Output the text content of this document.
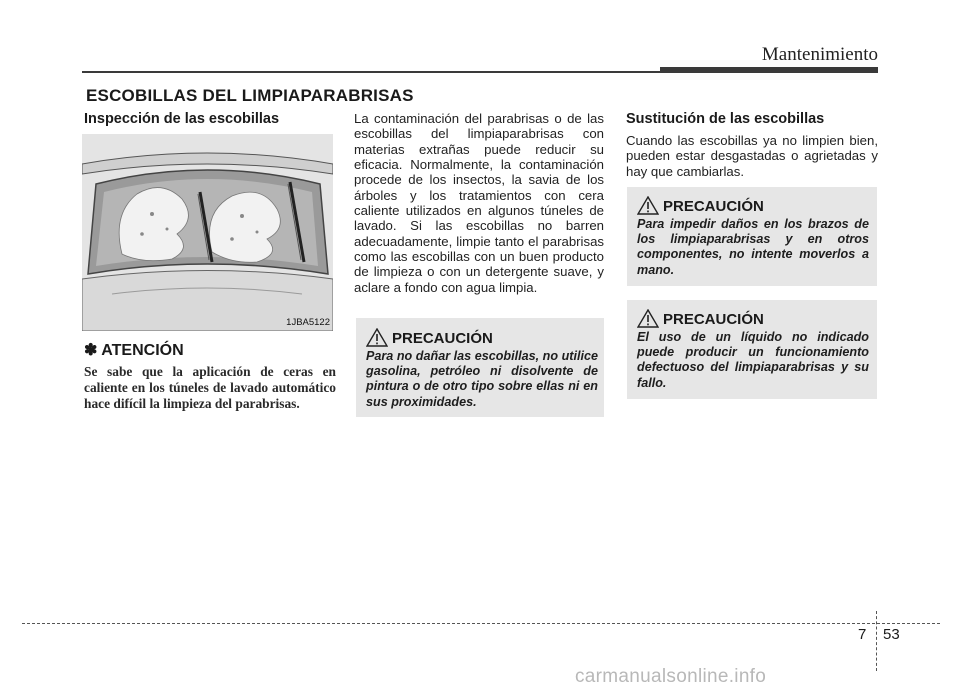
Mantenimiento
ESCOBILLAS DEL LIMPIAPARABRISAS
Inspección de las escobillas
1JBA5122
✽ ATENCIÓN
Se sabe que la aplicación de ceras en caliente en los túneles de lavado automático hace difícil la limpieza del parabrisas.
La contaminación del parabrisas o de las escobillas del limpiaparabrisas con materias extrañas puede reducir su eficacia. Normalmente, la contaminación procede de los insectos, la savia de los árboles y los tratamientos con cera caliente utilizados en algunos túneles de lavado. Si las escobillas no barren adecuadamente, limpie tanto el parabrisas como las escobillas con un buen producto de limpieza o con un detergente suave, y aclare a fondo con agua limpia.
PRECAUCIÓN
Para no dañar las escobillas, no utilice gasolina, petróleo ni disolvente de pintura o de otro tipo sobre ellas ni en sus proximidades.
Sustitución de las escobillas
Cuando las escobillas ya no limpien bien, pueden estar desgastadas o agrietadas y hay que cambiarlas.
PRECAUCIÓN
Para impedir daños en los brazos de los limpiaparabrisas y en otros componentes, no intente moverlos a mano.
PRECAUCIÓN
El uso de un líquido no indicado puede producir un funcionamiento defectuoso del limpiaparabrisas y su fallo.
7 53
carmanualsonline.info
